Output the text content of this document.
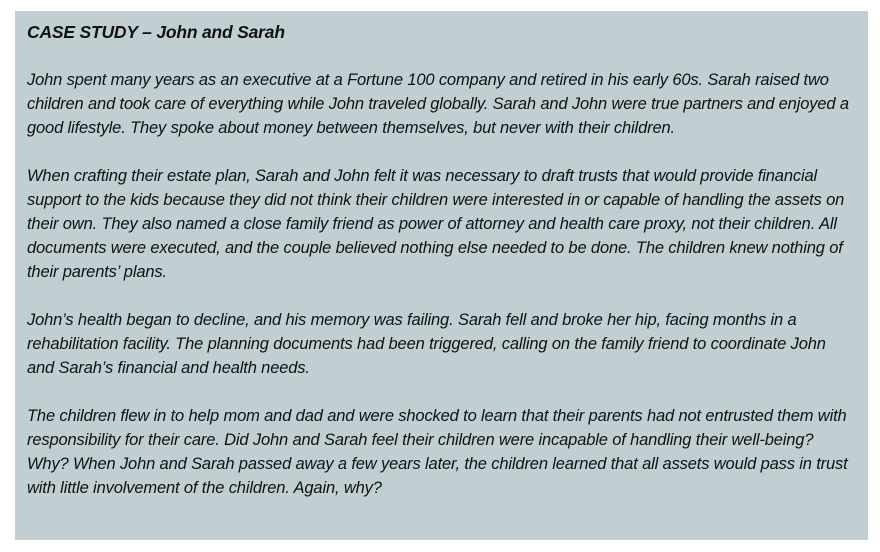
CASE STUDY – John and Sarah

John spent many years as an executive at a Fortune 100 company and retired in his early 60s. Sarah raised two children and took care of everything while John traveled globally. Sarah and John were true partners and enjoyed a good lifestyle. They spoke about money between themselves, but never with their children.

When crafting their estate plan, Sarah and John felt it was necessary to draft trusts that would provide financial support to the kids because they did not think their children were interested in or capable of handling the assets on their own. They also named a close family friend as power of attorney and health care proxy, not their children. All documents were executed, and the couple believed nothing else needed to be done. The children knew nothing of their parents’ plans.

John’s health began to decline, and his memory was failing. Sarah fell and broke her hip, facing months in a rehabilitation facility. The planning documents had been triggered, calling on the family friend to coordinate John and Sarah’s financial and health needs.

The children flew in to help mom and dad and were shocked to learn that their parents had not entrusted them with responsibility for their care. Did John and Sarah feel their children were incapable of handling their well-being? Why? When John and Sarah passed away a few years later, the children learned that all assets would pass in trust with little involvement of the children. Again, why?
